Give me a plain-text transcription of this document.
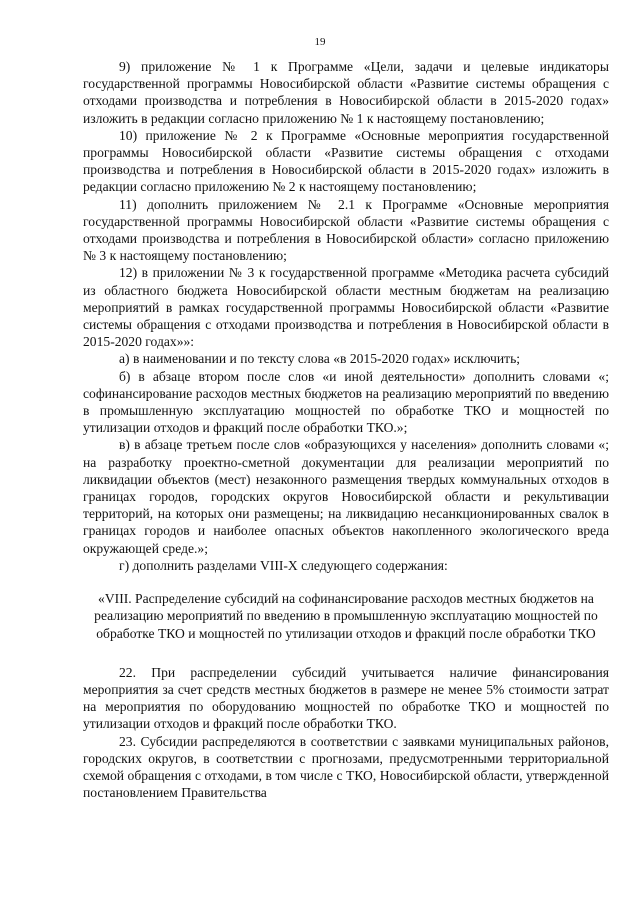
19

9) приложение № 1 к Программе «Цели, задачи и целевые индикаторы государственной программы Новосибирской области «Развитие системы обращения с отходами производства и потребления в Новосибирской области в 2015-2020 годах» изложить в редакции согласно приложению № 1 к настоящему постановлению;

10) приложение № 2 к Программе «Основные мероприятия государственной программы Новосибирской области «Развитие системы обращения с отходами производства и потребления в Новосибирской области в 2015-2020 годах» изложить в редакции согласно приложению № 2 к настоящему постановлению;

11) дополнить приложением № 2.1 к Программе «Основные мероприятия государственной программы Новосибирской области «Развитие системы обращения с отходами производства и потребления в Новосибирской области» согласно приложению № 3 к настоящему постановлению;

12) в приложении № 3 к государственной программе «Методика расчета субсидий из областного бюджета Новосибирской области местным бюджетам на реализацию мероприятий в рамках государственной программы Новосибирской области «Развитие системы обращения с отходами производства и потребления в Новосибирской области в 2015-2020 годах»»:

а) в наименовании и по тексту слова «в 2015-2020 годах» исключить;

б) в абзаце втором после слов «и иной деятельности» дополнить словами «; софинансирование расходов местных бюджетов на реализацию мероприятий по введению в промышленную эксплуатацию мощностей по обработке ТКО и мощностей по утилизации отходов и фракций после обработки ТКО.»;

в) в абзаце третьем после слов «образующихся у населения» дополнить словами «; на разработку проектно-сметной документации для реализации мероприятий по ликвидации объектов (мест) незаконного размещения твердых коммунальных отходов в границах городов, городских округов Новосибирской области и рекультивации территорий, на которых они размещены; на ликвидацию несанкционированных свалок в границах городов и наиболее опасных объектов накопленного экологического вреда окружающей среде.»;

г) дополнить разделами VIII-X следующего содержания:

«VIII. Распределение субсидий на софинансирование расходов местных бюджетов на реализацию мероприятий по введению в промышленную эксплуатацию мощностей по обработке ТКО и мощностей по утилизации отходов и фракций после обработки ТКО

22. При распределении субсидий учитывается наличие финансирования мероприятия за счет средств местных бюджетов в размере не менее 5% стоимости затрат на мероприятия по оборудованию мощностей по обработке ТКО и мощностей по утилизации отходов и фракций после обработки ТКО.

23. Субсидии распределяются в соответствии с заявками муниципальных районов, городских округов, в соответствии с прогнозами, предусмотренными территориальной схемой обращения с отходами, в том числе с ТКО, Новосибирской области, утвержденной постановлением Правительства
